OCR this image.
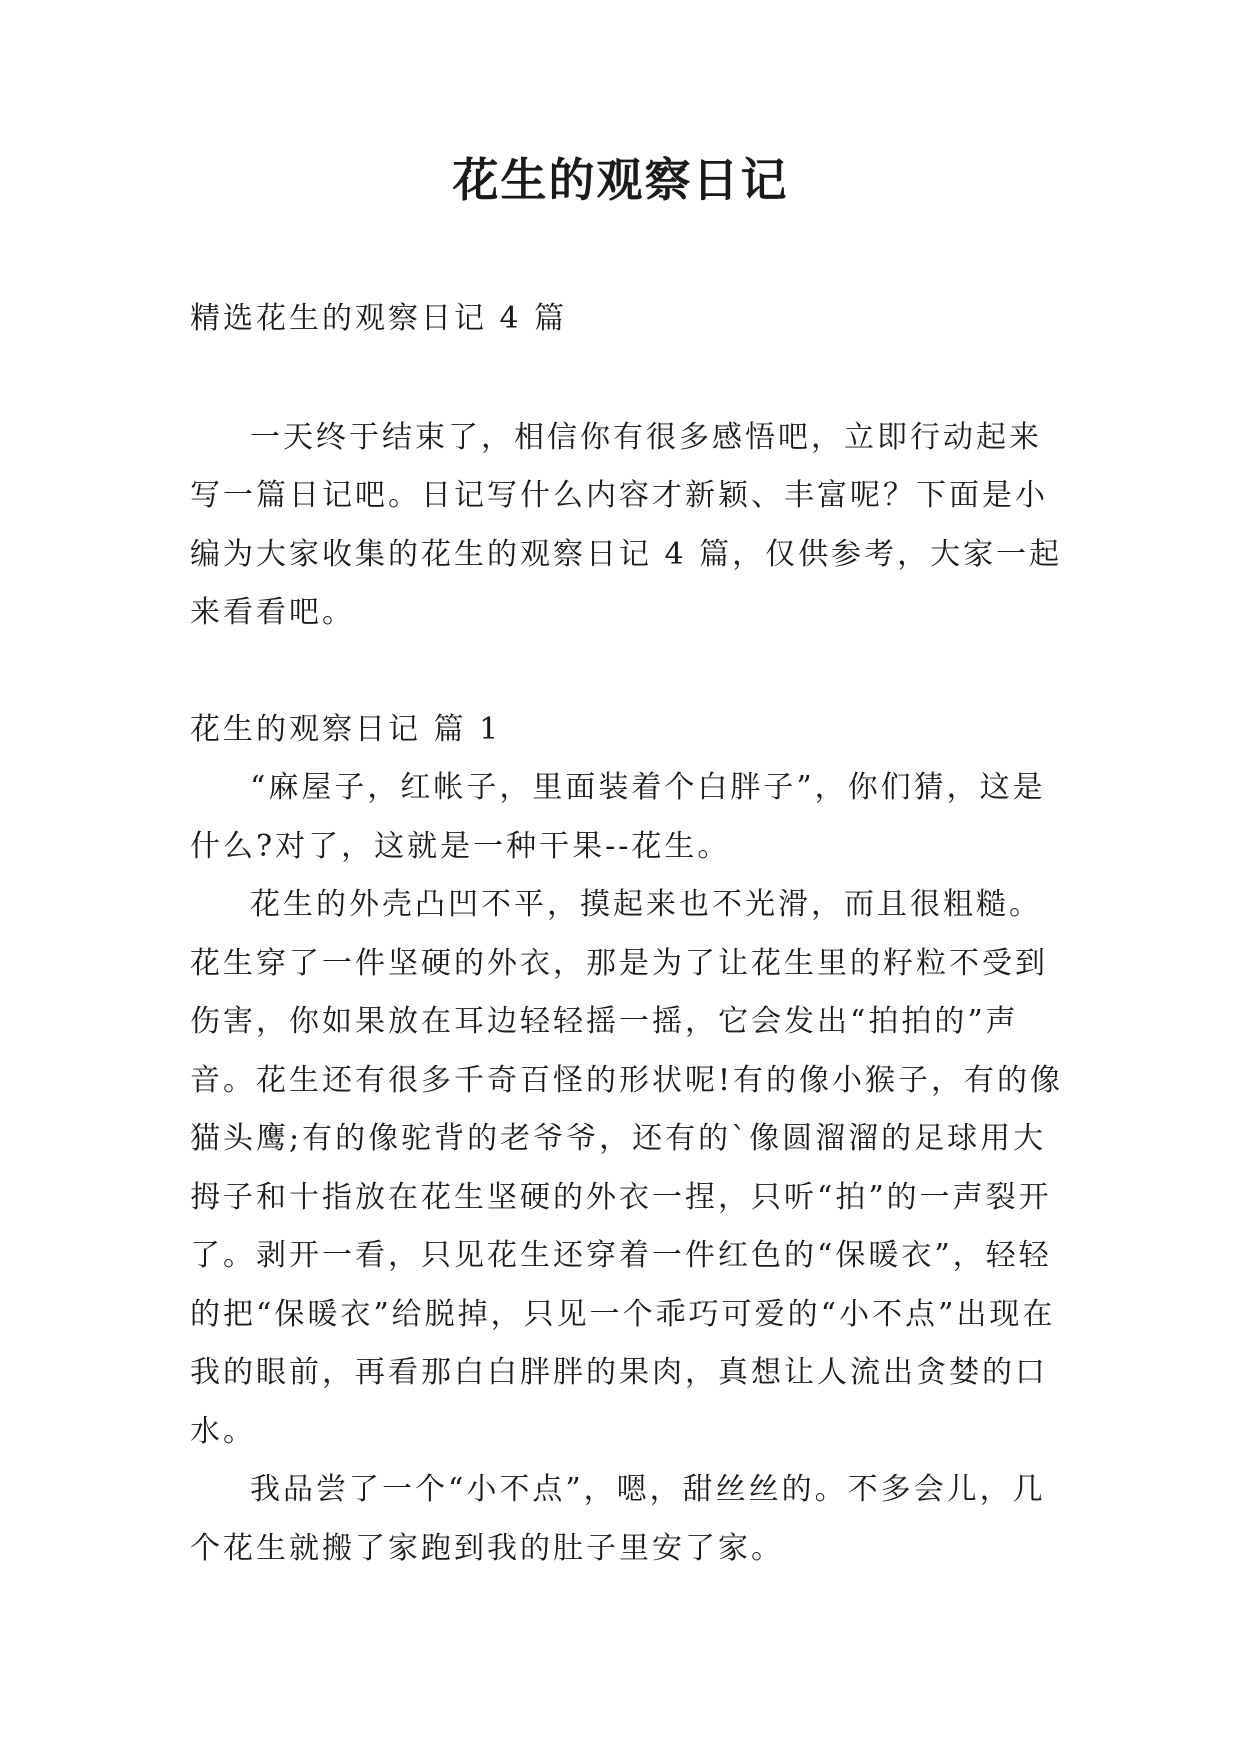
花生的观察日记

精选花生的观察日记 4 篇

一天终于结束了，相信你有很多感悟吧，立即行动起来写一篇日记吧。日记写什么内容才新颖、丰富呢？下面是小编为大家收集的花生的观察日记 4 篇，仅供参考，大家一起来看看吧。

花生的观察日记 篇 1

“麻屋子，红帐子，里面装着个白胖子”，你们猜，这是什么?对了，这就是一种干果--花生。

花生的外壳凸凹不平，摸起来也不光滑，而且很粗糙。花生穿了一件坚硬的外衣，那是为了让花生里的籽粒不受到伤害，你如果放在耳边轻轻摇一摇，它会发出“拍拍的”声音。花生还有很多千奇百怪的形状呢!有的像小猴子，有的像猫头鹰;有的像驼背的老爷爷，还有的`像圆溜溜的足球用大拇子和十指放在花生坚硬的外衣一捏，只听“拍”的一声裂开了。剥开一看，只见花生还穿着一件红色的“保暖衣”，轻轻的把“保暖衣”给脱掉，只见一个乖巧可爱的“小不点”出现在我的眼前，再看那白白胖胖的果肉，真想让人流出贪婪的口水。

我品尝了一个“小不点”，嗯，甜丝丝的。不多会儿，几个花生就搬了家跑到我的肚子里安了家。
